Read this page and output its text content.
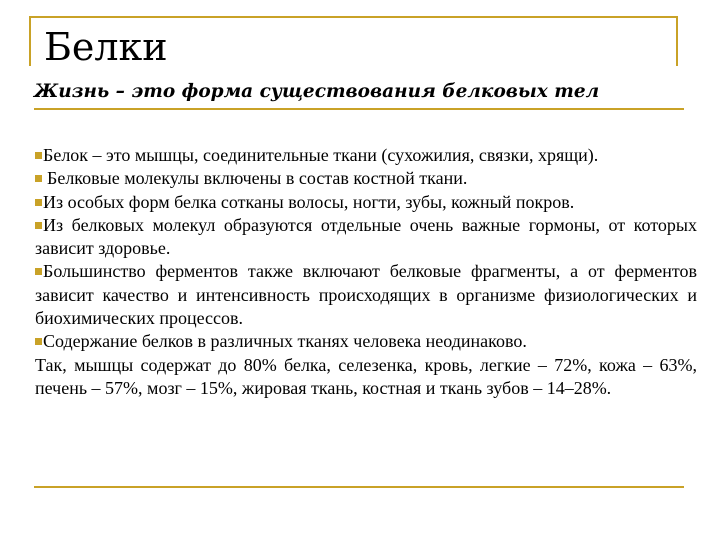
Белки
Жизнь – это форма существования белковых тел

Белок – это мышцы, соединительные ткани (сухожилия, связки, хрящи).

Белковые молекулы включены в состав костной ткани.

Из особых форм белка сотканы волосы, ногти, зубы, кожный покров.

Из белковых молекул образуются отдельные очень важные гормоны, от которых зависит здоровье.

Большинство ферментов также включают белковые фрагменты, а от ферментов зависит качество и интенсивность происходящих в организме физиологических и биохимических процессов.

Содержание белков в различных тканях человека неодинаково.

Так, мышцы содержат до 80% белка, селезенка, кровь, легкие – 72%, кожа – 63%, печень – 57%, мозг – 15%, жировая ткань, костная и ткань зубов – 14–28%.
